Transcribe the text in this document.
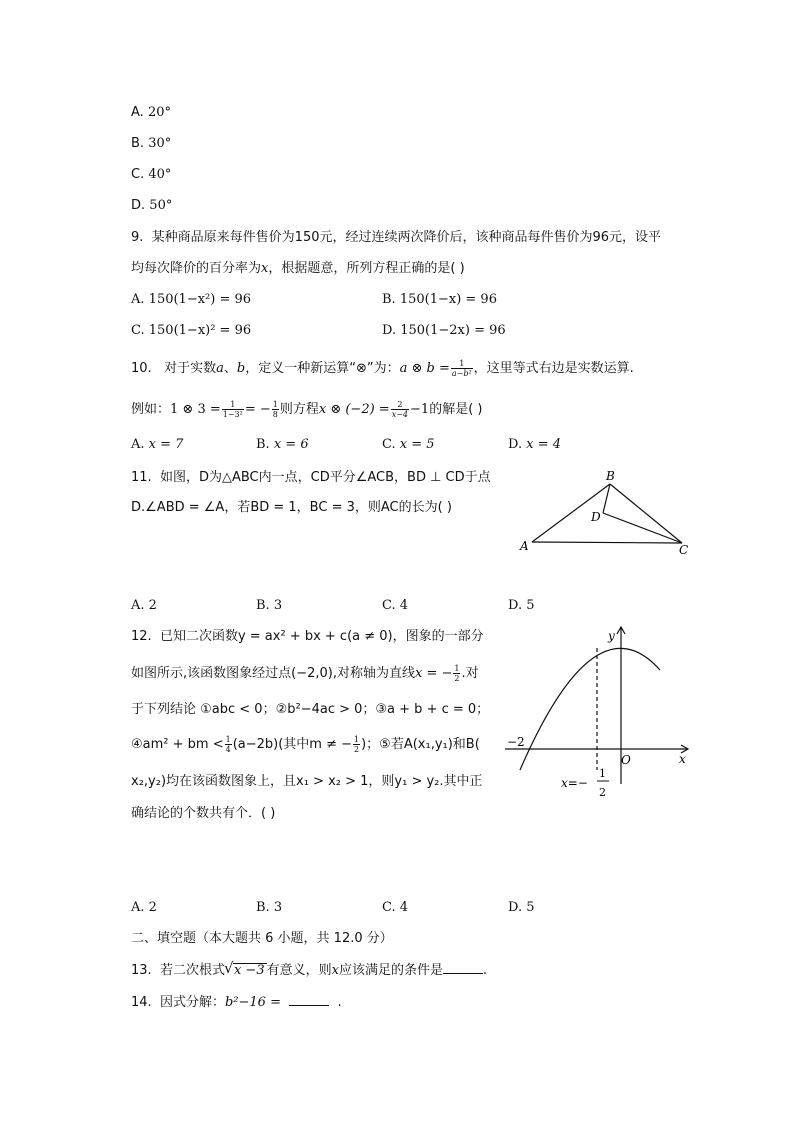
A. 20°
B. 30°
C. 40°
D. 50°
9. 某种商品原来每件售价为150元，经过连续两次降价后，该种商品每件售价为96元，设平
均每次降价的百分率为x，根据题意，所列方程正确的是( )
A. 150(1−x²) = 96	B. 150(1−x) = 96
C. 150(1−x)² = 96	D. 150(1−2x) = 96
10. 对于实数a、b，定义一种新运算“⊗”为：a ⊗ $b = \frac{1}{\text{a−b²}}$ ，这里等式右边是实数运算.
例如：1 ⊗ $3 = \frac{1}{\text{1−3²}}$ = − $\frac{1}{8}$ 则方程x ⊗ $(-2) = \frac{2}{x-4} -1$的解是( )
A. x = 7	B. x = 6	C. x = 5	D. x = 4
11. 如图，D为△ABC内一点，CD平分∠ACB，BD ⊥ CD于点
D.∠ABD = ∠A，若BD = 1，BC = 3，则AC的长为( )
B
D
A	C
A. 2	B. 3	C. 4	D. 5
12. 已知二次函数y = ax² + bx + c(a ≠ 0)，图象的一部分
如图所示,该函数图象经过点(−2,0),对称轴为直线x = − $\frac{1}{2}$ .对
于下列结论 ①abc < 0；②b²−4ac > 0；③a + b + c = 0；
④am² + bm < $\frac{1}{4} (a-2b)$(其中m ≠ − $\frac{1}{2}$ )；⑤若A(x₁,y₁)和B(
x₂,y₂)均在该函数图象上，且x₁ > x₂ > 1，则y₁ > y₂.其中正
确结论的个数共有个．( )
y
x
O
−2
x=−
1
2
A. 2	B. 3	C. 4	D. 5
二、填空题（本大题共 6 小题，共 12.0 分）
13. 若二次根式√ x −3 有意义，则x应该满足的条件是	.
14. 因式分解：b²−16 =	.
